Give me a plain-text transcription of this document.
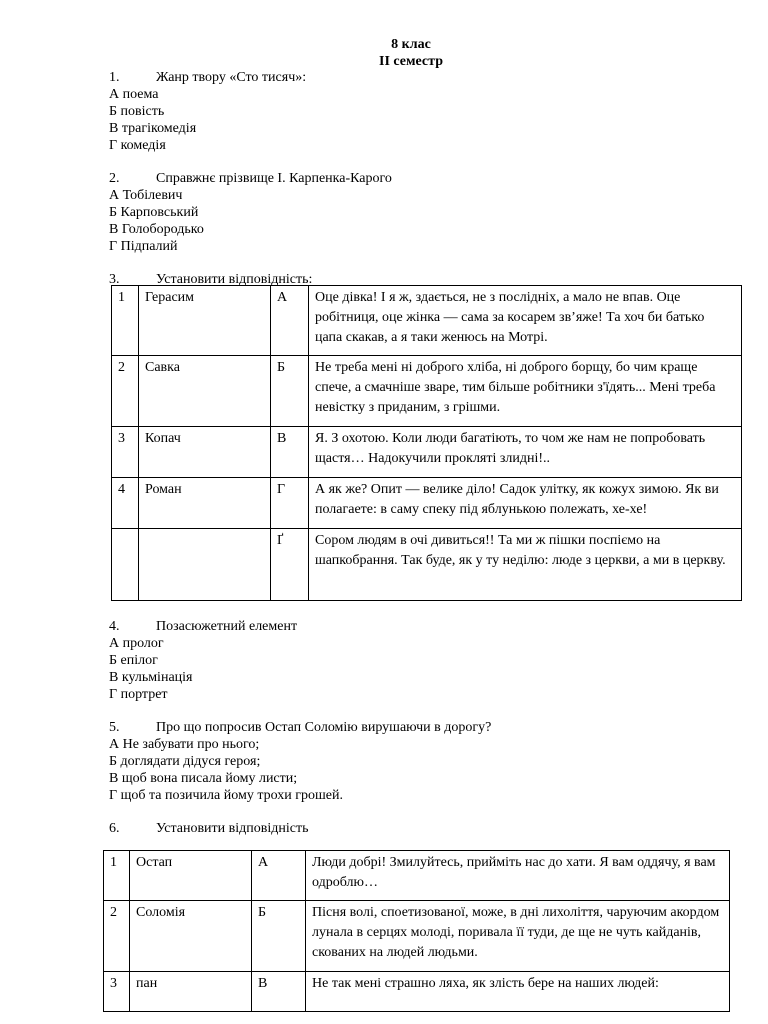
8 клас
ІІ семестр
1.	Жанр твору «Сто тисяч»:
А поема
Б повість
В трагікомедія
Г комедія
2.	Справжнє прізвище І. Карпенка-Карого
А Тобілевич
Б Карповський
В Голобородько
Г Підпалий
3.	Установити відповідність:
1	Герасим	А	Оце дівка! І я ж, здається, не з послідніх, а мало не впав. Оце робітниця, оце жінка — сама за косарем зв’яже! Та хоч би батько цапа скакав, а я таки женюсь на Мотрі.
2	Савка	Б	Не треба мені ні доброго хліба, ні доброго борщу, бо чим краще спече, а смачніше зварe, тим більше робітники з'їдять... Мені треба невістку з приданим, з грішми.
3	Копач	В	Я. З охотою. Коли люди багатіють, то чом же нам не попробовать щастя… Надокучили прокляті злидні!..
4	Роман	Г	А як же? Опит — велике діло! Садок улітку, як кожух зимою. Як ви полагаете: в саму спеку під яблунькою полежать, хе-хе!
		Ґ	Сором людям в очі дивиться!! Та ми ж пішки поспіємо на шапкобрання. Так буде, як у ту неділю: люде з церкви, а ми в церкву.
4.	Позасюжетний елемент
А пролог
Б епілог
В кульмінація
Г портрет
5.	Про що попросив Остап Соломію вирушаючи в дорогу?
А Не забувати про нього;
Б доглядати дідуся героя;
В щоб вона писала йому листи;
Г щоб та позичила йому трохи грошей.
6.	Установити відповідність
1	Остап	А	Люди добрі! Змилуйтесь, прийміть нас до хати. Я вам оддячу, я вам одроблю…
2	Соломія	Б	Пісня волі, споетизованої, може, в дні лихоліття, чаруючим акордом лунала в серцях молоді, поривала її туди, де ще не чуть кайданів, скованих на людей людьми.
3	пан	В	Не так мені страшно ляха, як злість бере на наших людей:
